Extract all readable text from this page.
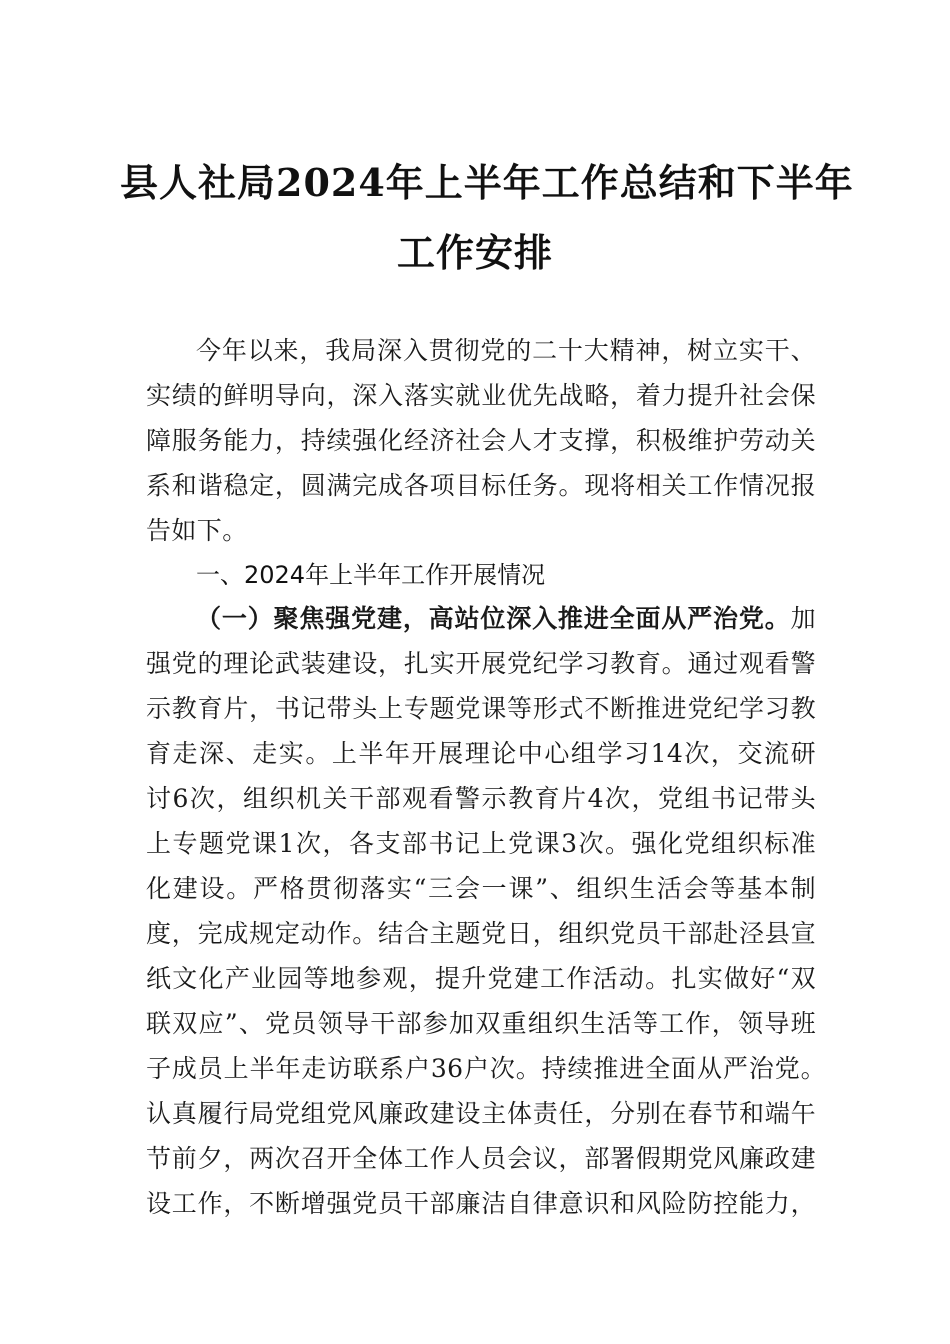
县人社局2024年上半年工作总结和下半年
工作安排
今年以来，我局深入贯彻党的二十大精神，树立实干、
实绩的鲜明导向，深入落实就业优先战略，着力提升社会保
障服务能力，持续强化经济社会人才支撑，积极维护劳动关
系和谐稳定，圆满完成各项目标任务。现将相关工作情况报
告如下。
一、2024年上半年工作开展情况
（一）聚焦强党建，高站位深入推进全面从严治党。加
强党的理论武装建设，扎实开展党纪学习教育。通过观看警
示教育片，书记带头上专题党课等形式不断推进党纪学习教
育走深、走实。上半年开展理论中心组学习14次，交流研
讨6次，组织机关干部观看警示教育片4次，党组书记带头
上专题党课1次，各支部书记上党课3次。强化党组织标准
化建设。严格贯彻落实“三会一课”、组织生活会等基本制
度，完成规定动作。结合主题党日，组织党员干部赴泾县宣
纸文化产业园等地参观，提升党建工作活动。扎实做好“双
联双应”、党员领导干部参加双重组织生活等工作，领导班
子成员上半年走访联系户36户次。持续推进全面从严治党。
认真履行局党组党风廉政建设主体责任，分别在春节和端午
节前夕，两次召开全体工作人员会议，部署假期党风廉政建
设工作，不断增强党员干部廉洁自律意识和风险防控能力，
